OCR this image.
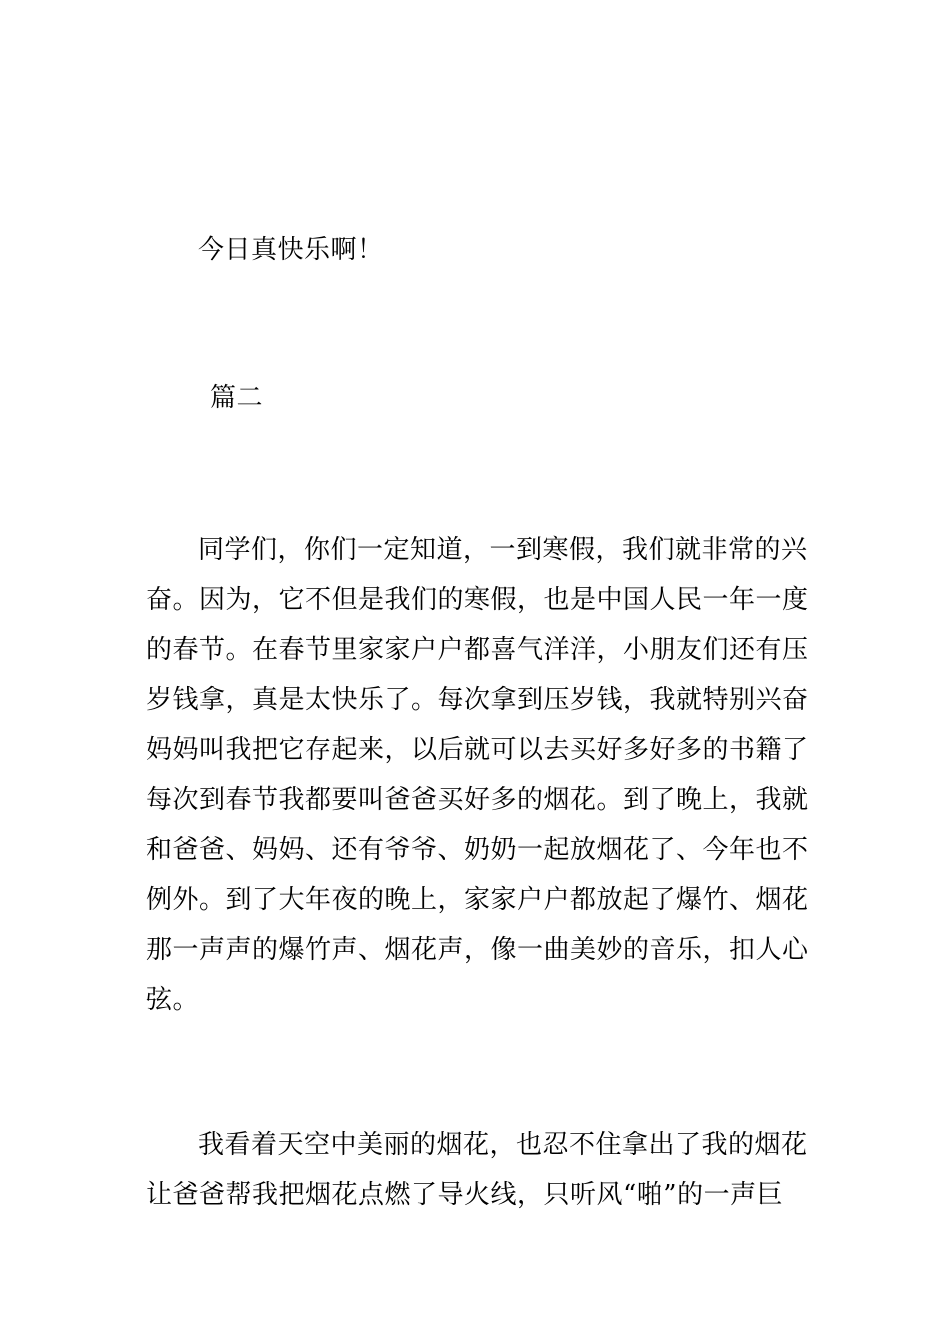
今日真快乐啊！
篇二
同学们，你们一定知道，一到寒假，我们就非常的兴
奋。因为，它不但是我们的寒假，也是中国人民一年一度
的春节。在春节里家家户户都喜气洋洋，小朋友们还有压
岁钱拿，真是太快乐了。每次拿到压岁钱，我就特别兴奋
妈妈叫我把它存起来，以后就可以去买好多好多的书籍了
每次到春节我都要叫爸爸买好多的烟花。到了晚上，我就
和爸爸、妈妈、还有爷爷、奶奶一起放烟花了、今年也不
例外。到了大年夜的晚上，家家户户都放起了爆竹、烟花
那一声声的爆竹声、烟花声，像一曲美妙的音乐，扣人心
弦。
我看着天空中美丽的烟花，也忍不住拿出了我的烟花
让爸爸帮我把烟花点燃了导火线，只听风“啪”的一声巨
